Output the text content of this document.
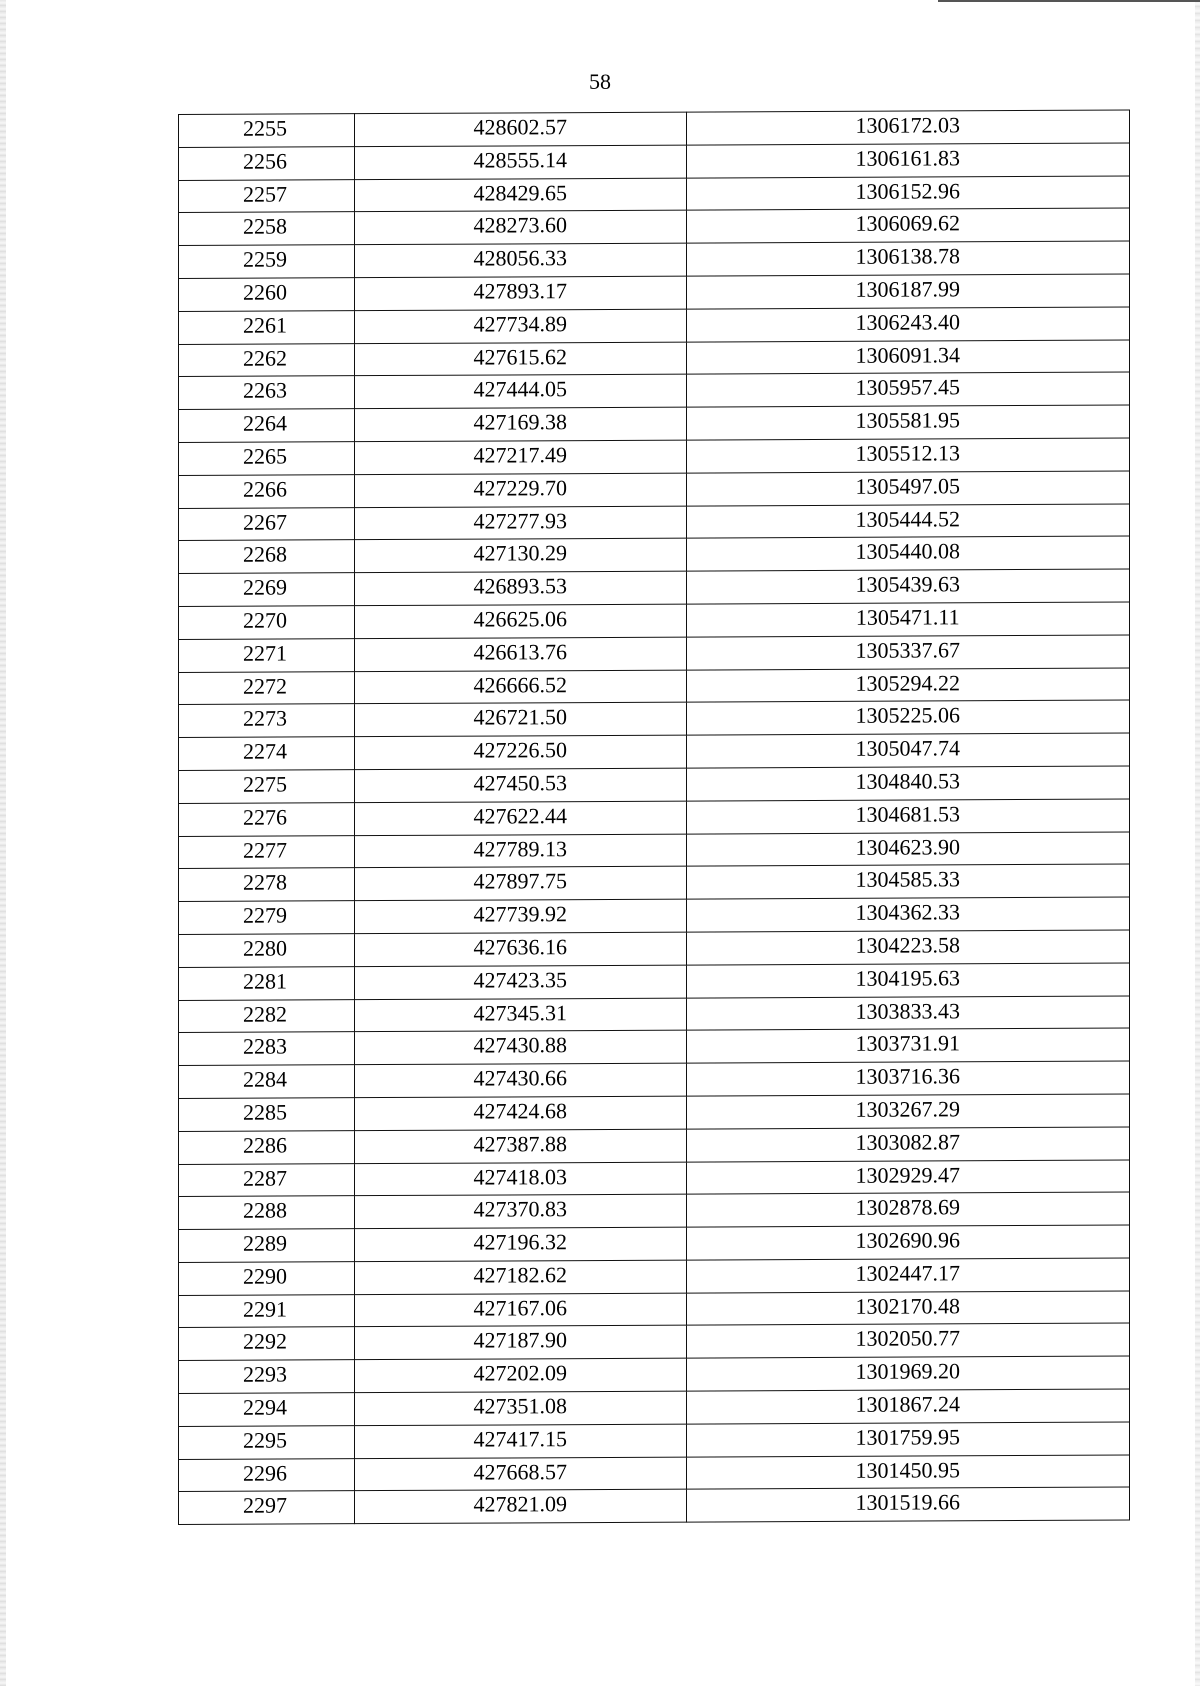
58
2255	428602.57	1306172.03
2256	428555.14	1306161.83
2257	428429.65	1306152.96
2258	428273.60	1306069.62
2259	428056.33	1306138.78
2260	427893.17	1306187.99
2261	427734.89	1306243.40
2262	427615.62	1306091.34
2263	427444.05	1305957.45
2264	427169.38	1305581.95
2265	427217.49	1305512.13
2266	427229.70	1305497.05
2267	427277.93	1305444.52
2268	427130.29	1305440.08
2269	426893.53	1305439.63
2270	426625.06	1305471.11
2271	426613.76	1305337.67
2272	426666.52	1305294.22
2273	426721.50	1305225.06
2274	427226.50	1305047.74
2275	427450.53	1304840.53
2276	427622.44	1304681.53
2277	427789.13	1304623.90
2278	427897.75	1304585.33
2279	427739.92	1304362.33
2280	427636.16	1304223.58
2281	427423.35	1304195.63
2282	427345.31	1303833.43
2283	427430.88	1303731.91
2284	427430.66	1303716.36
2285	427424.68	1303267.29
2286	427387.88	1303082.87
2287	427418.03	1302929.47
2288	427370.83	1302878.69
2289	427196.32	1302690.96
2290	427182.62	1302447.17
2291	427167.06	1302170.48
2292	427187.90	1302050.77
2293	427202.09	1301969.20
2294	427351.08	1301867.24
2295	427417.15	1301759.95
2296	427668.57	1301450.95
2297	427821.09	1301519.66
